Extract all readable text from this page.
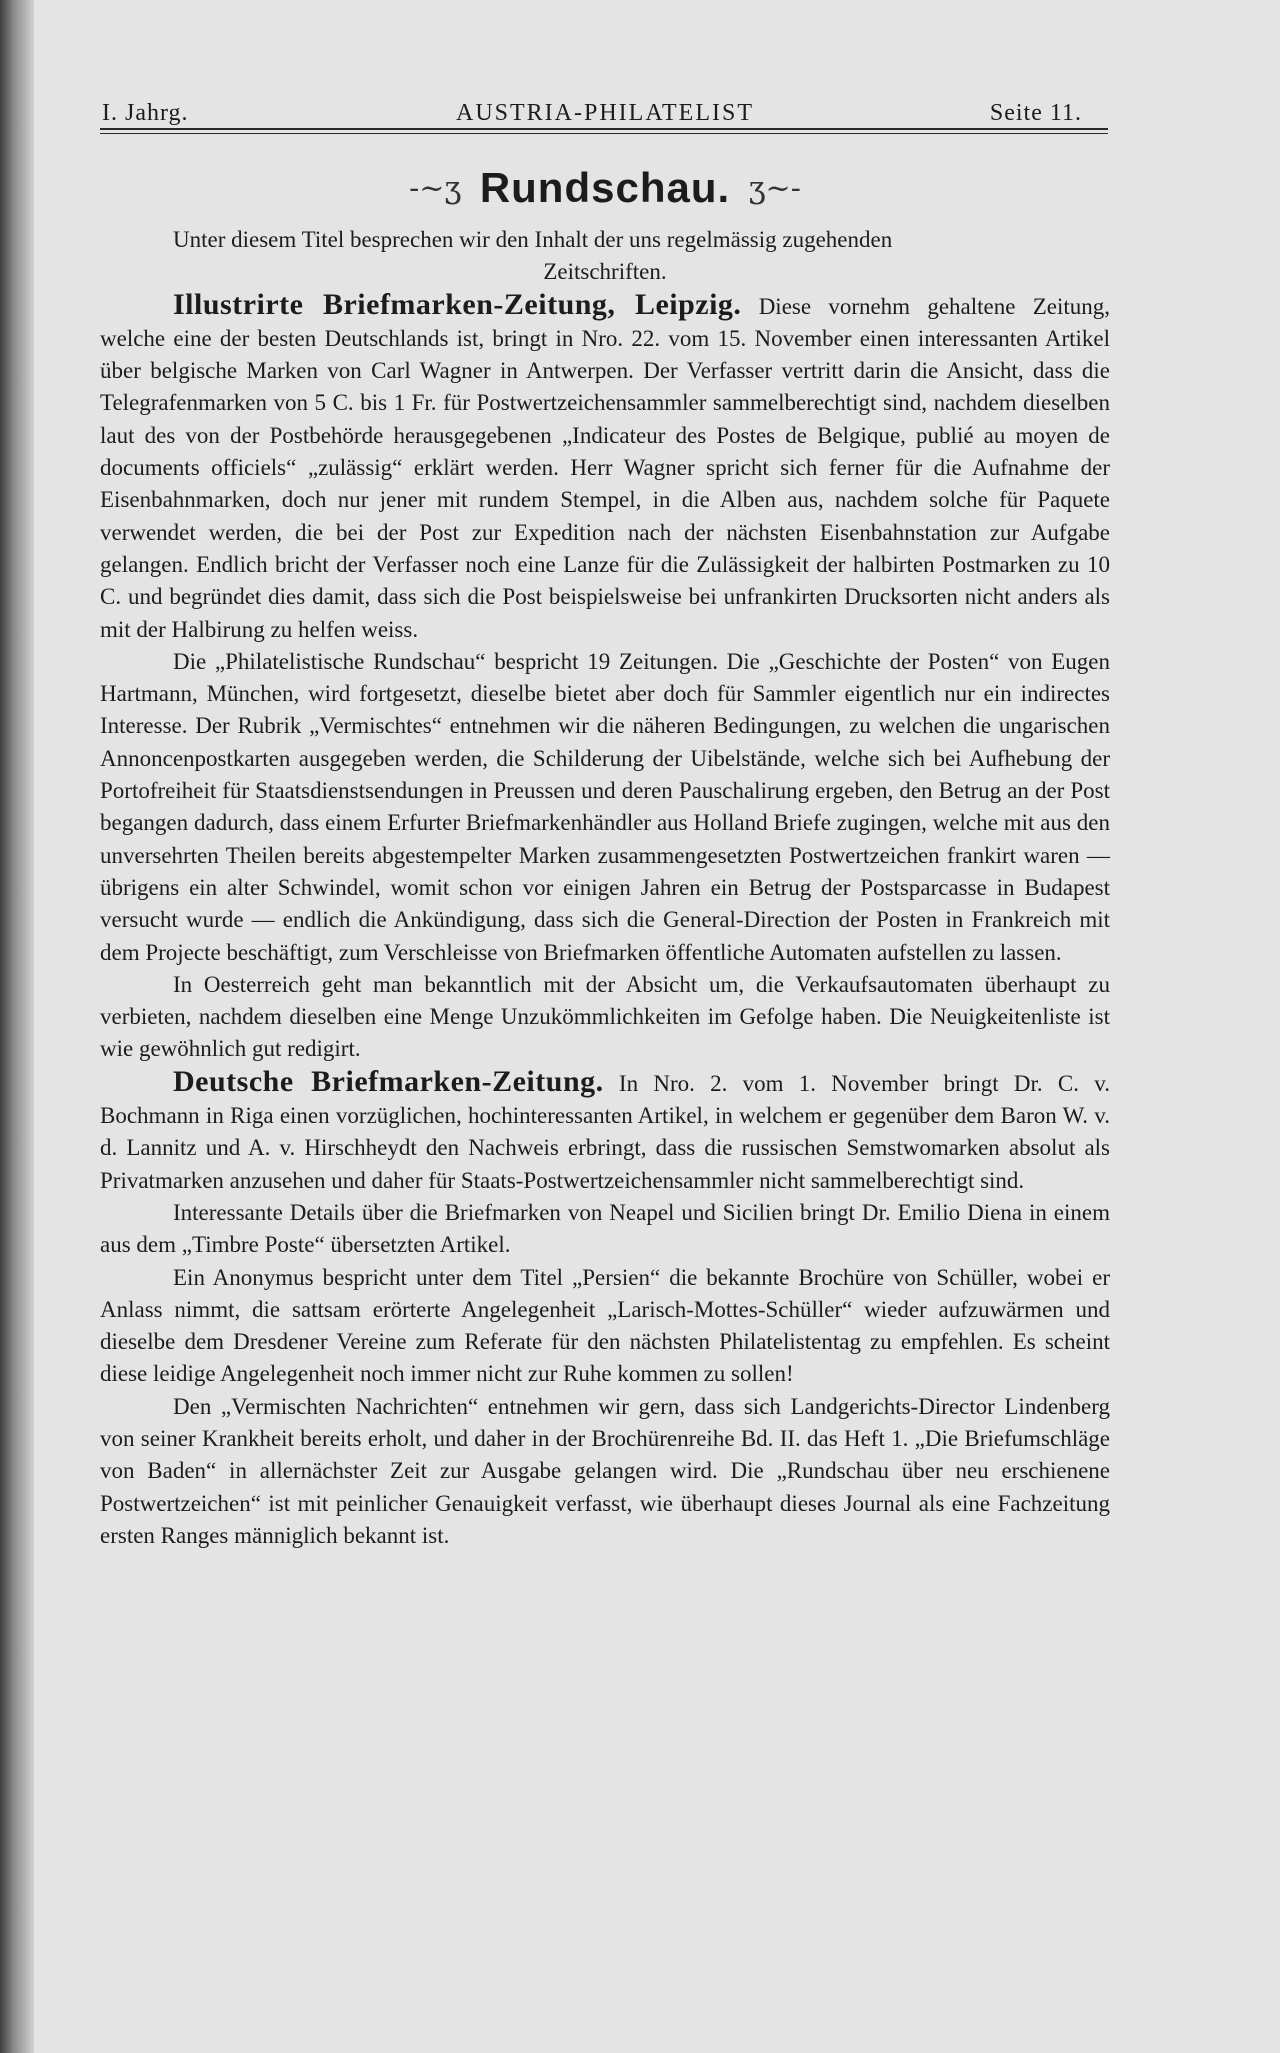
I. Jahrg.	AUSTRIA-PHILATELIST	Seite 11.
-~ʒ Rundschau. ʒ~-

Unter diesem Titel besprechen wir den Inhalt der uns regelmässig zugehenden

Zeitschriften.

Illustrirte Briefmarken-Zeitung, Leipzig. Diese vornehm gehaltene Zeitung, welche eine der besten Deutschlands ist, bringt in Nro. 22. vom 15. November einen interessanten Artikel über belgische Marken von Carl Wagner in Antwerpen. Der Verfasser vertritt darin die Ansicht, dass die Telegrafenmarken von 5 C. bis 1 Fr. für Postwertzeichensammler sammelberechtigt sind, nachdem dieselben laut des von der Postbehörde herausgegebenen „Indicateur des Postes de Belgique, publié au moyen de documents officiels“ „zulässig“ erklärt werden. Herr Wagner spricht sich ferner für die Aufnahme der Eisenbahnmarken, doch nur jener mit rundem Stempel, in die Alben aus, nachdem solche für Paquete verwendet werden, die bei der Post zur Expedition nach der nächsten Eisenbahnstation zur Aufgabe gelangen. Endlich bricht der Verfasser noch eine Lanze für die Zulässigkeit der halbirten Postmarken zu 10 C. und begründet dies damit, dass sich die Post beispielsweise bei unfrankirten Drucksorten nicht anders als mit der Halbirung zu helfen weiss.

Die „Philatelistische Rundschau“ bespricht 19 Zeitungen. Die „Geschichte der Posten“ von Eugen Hartmann, München, wird fortgesetzt, dieselbe bietet aber doch für Sammler eigentlich nur ein indirectes Interesse. Der Rubrik „Vermischtes“ entnehmen wir die näheren Bedingungen, zu welchen die ungarischen Annoncenpostkarten ausgegeben werden, die Schilderung der Uibelstände, welche sich bei Aufhebung der Portofreiheit für Staatsdienstsendungen in Preussen und deren Pauschalirung ergeben, den Betrug an der Post begangen dadurch, dass einem Erfurter Briefmarkenhändler aus Holland Briefe zugingen, welche mit aus den unversehrten Theilen bereits abgestempelter Marken zusammengesetzten Postwertzeichen frankirt waren — übrigens ein alter Schwindel, womit schon vor einigen Jahren ein Betrug der Postsparcasse in Budapest versucht wurde — endlich die Ankündigung, dass sich die General-Direction der Posten in Frankreich mit dem Projecte beschäftigt, zum Verschleisse von Briefmarken öffentliche Automaten aufstellen zu lassen.

In Oesterreich geht man bekanntlich mit der Absicht um, die Verkaufsautomaten überhaupt zu verbieten, nachdem dieselben eine Menge Unzukömmlichkeiten im Gefolge haben. Die Neuigkeitenliste ist wie gewöhnlich gut redigirt.

Deutsche Briefmarken-Zeitung. In Nro. 2. vom 1. November bringt Dr. C. v. Bochmann in Riga einen vorzüglichen, hochinteressanten Artikel, in welchem er gegenüber dem Baron W. v. d. Lannitz und A. v. Hirschheydt den Nachweis erbringt, dass die russischen Semstwomarken absolut als Privatmarken anzusehen und daher für Staats-Postwertzeichensammler nicht sammelberechtigt sind.

Interessante Details über die Briefmarken von Neapel und Sicilien bringt Dr. Emilio Diena in einem aus dem „Timbre Poste“ übersetzten Artikel.

Ein Anonymus bespricht unter dem Titel „Persien“ die bekannte Brochüre von Schüller, wobei er Anlass nimmt, die sattsam erörterte Angelegenheit „Larisch-Mottes-Schüller“ wieder aufzuwärmen und dieselbe dem Dresdener Vereine zum Referate für den nächsten Philatelistentag zu empfehlen. Es scheint diese leidige Angelegenheit noch immer nicht zur Ruhe kommen zu sollen!

Den „Vermischten Nachrichten“ entnehmen wir gern, dass sich Landgerichts-Director Lindenberg von seiner Krankheit bereits erholt, und daher in der Brochürenreihe Bd. II. das Heft 1. „Die Briefumschläge von Baden“ in allernächster Zeit zur Ausgabe gelangen wird. Die „Rundschau über neu erschienene Postwertzeichen“ ist mit peinlicher Genauigkeit verfasst, wie überhaupt dieses Journal als eine Fachzeitung ersten Ranges männiglich bekannt ist.
